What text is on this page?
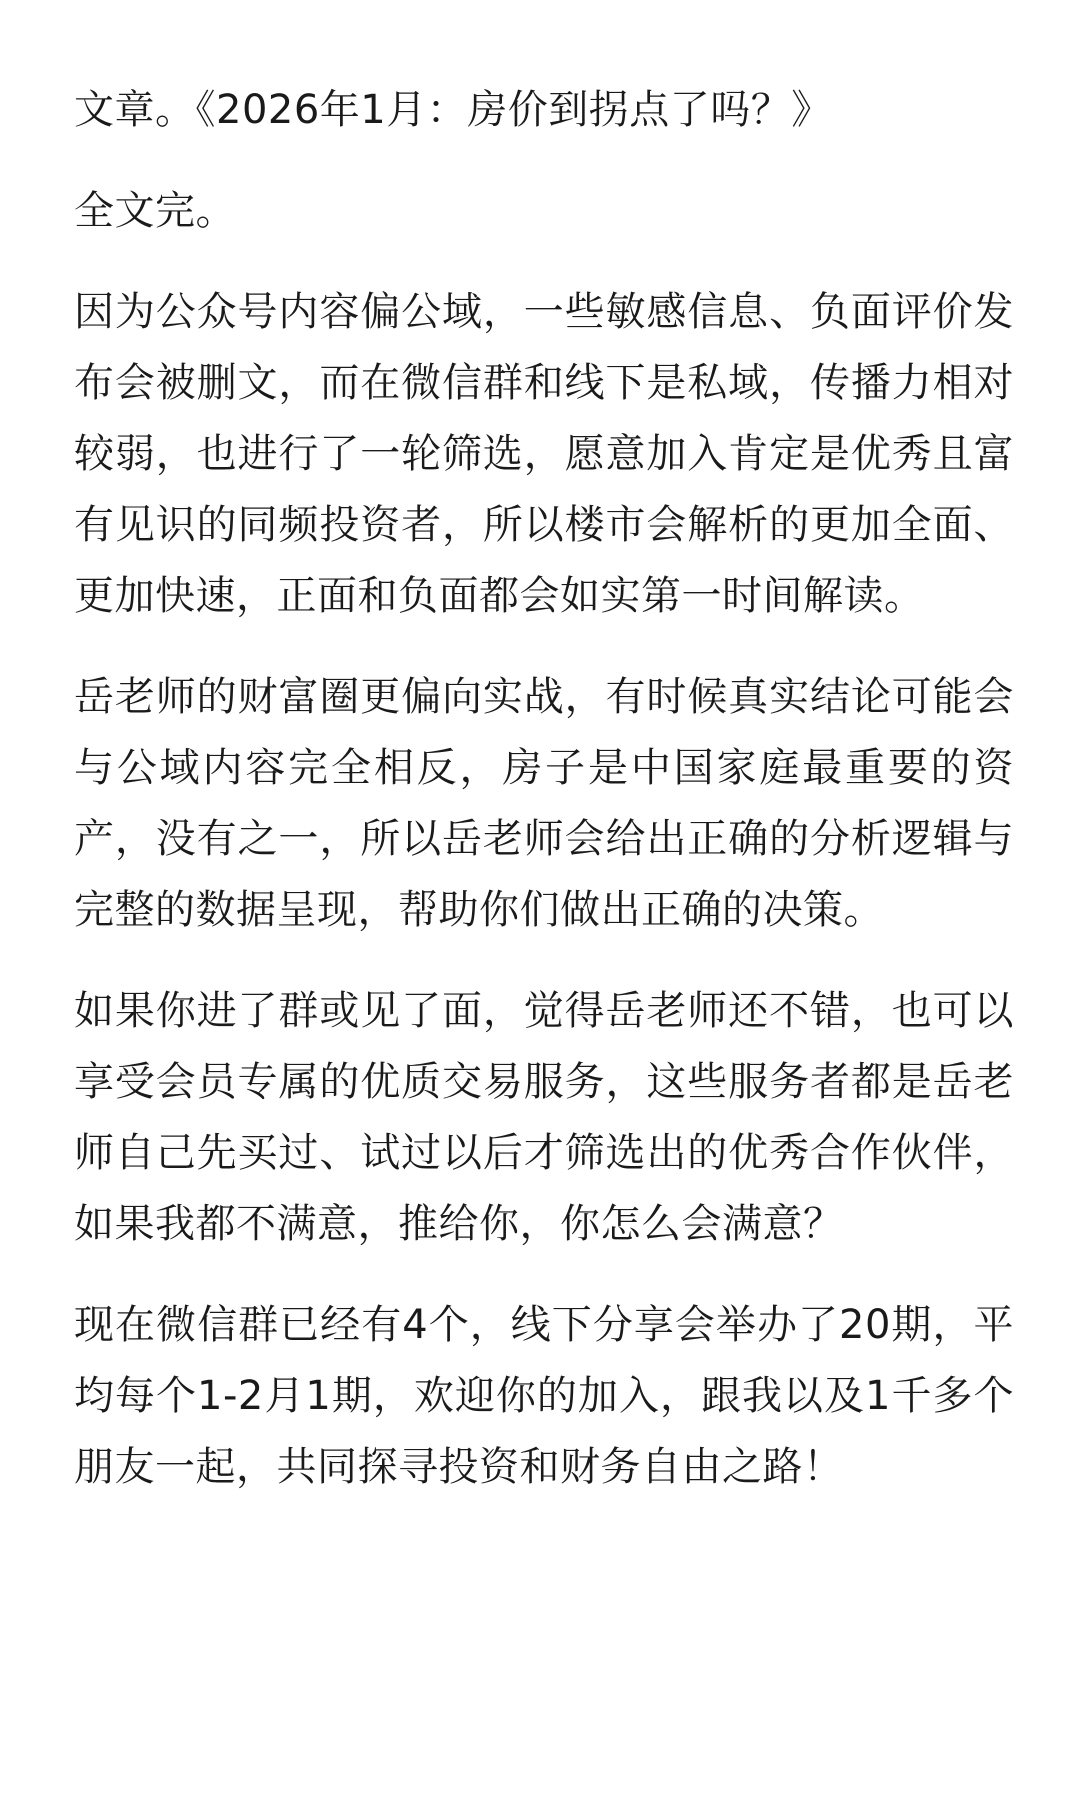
文章。《2026年1月：房价到拐点了吗？》

全文完。

因为公众号内容偏公域，一些敏感信息、负面评价发布会被删文，而在微信群和线下是私域，传播力相对较弱，也进行了一轮筛选，愿意加入肯定是优秀且富有见识的同频投资者，所以楼市会解析的更加全面、更加快速，正面和负面都会如实第一时间解读。

岳老师的财富圈更偏向实战，有时候真实结论可能会与公域内容完全相反，房子是中国家庭最重要的资产，没有之一，所以岳老师会给出正确的分析逻辑与完整的数据呈现，帮助你们做出正确的决策。

如果你进了群或见了面，觉得岳老师还不错，也可以享受会员专属的优质交易服务，这些服务者都是岳老师自己先买过、试过以后才筛选出的优秀合作伙伴，如果我都不满意，推给你，你怎么会满意？

现在微信群已经有4个，线下分享会举办了20期，平均每个1-2月1期，欢迎你的加入，跟我以及1千多个朋友一起，共同探寻投资和财务自由之路！
